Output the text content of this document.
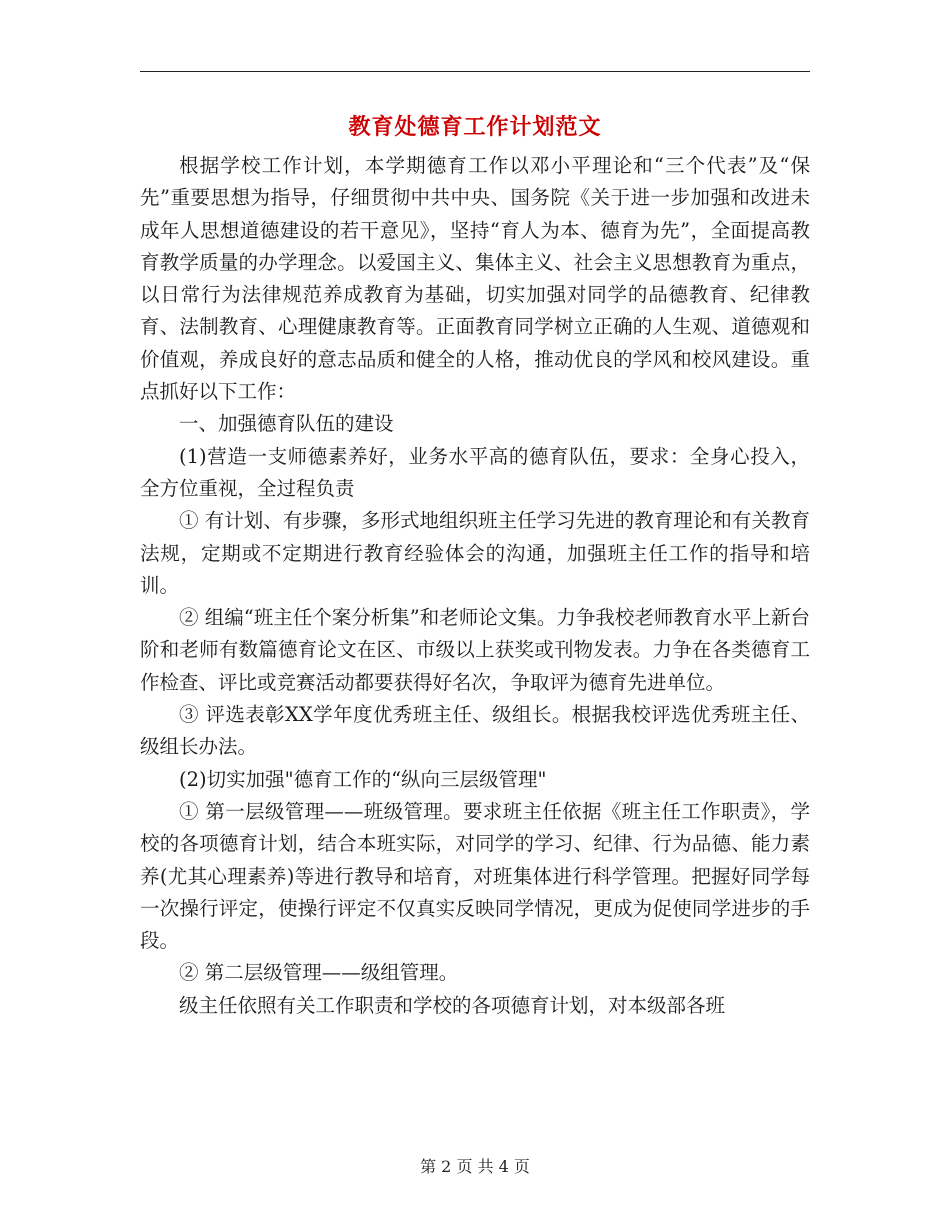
教育处德育工作计划范文

根据学校工作计划，本学期德育工作以邓小平理论和“三个代表”及“保先”重要思想为指导，仔细贯彻中共中央、国务院《关于进一步加强和改进未成年人思想道德建设的若干意见》，坚持“育人为本、德育为先”，全面提高教育教学质量的办学理念。以爱国主义、集体主义、社会主义思想教育为重点，以日常行为法律规范养成教育为基础，切实加强对同学的品德教育、纪律教育、法制教育、心理健康教育等。正面教育同学树立正确的人生观、道德观和价值观，养成良好的意志品质和健全的人格，推动优良的学风和校风建设。重点抓好以下工作：

一、加强德育队伍的建设

(1)营造一支师德素养好，业务水平高的德育队伍，要求：全身心投入，全方位重视，全过程负责

① 有计划、有步骤，多形式地组织班主任学习先进的教育理论和有关教育法规，定期或不定期进行教育经验体会的沟通，加强班主任工作的指导和培训。

② 组编“班主任个案分析集”和老师论文集。力争我校老师教育水平上新台阶和老师有数篇德育论文在区、市级以上获奖或刊物发表。力争在各类德育工作检查、评比或竞赛活动都要获得好名次，争取评为德育先进单位。

③ 评选表彰XX学年度优秀班主任、级组长。根据我校评选优秀班主任、级组长办法。

(2)切实加强"德育工作的“纵向三层级管理"

① 第一层级管理——班级管理。要求班主任依据《班主任工作职责》，学校的各项德育计划，结合本班实际，对同学的学习、纪律、行为品德、能力素养(尤其心理素养)等进行教导和培育，对班集体进行科学管理。把握好同学每一次操行评定，使操行评定不仅真实反映同学情况，更成为促使同学进步的手段。

② 第二层级管理——级组管理。

级主任依照有关工作职责和学校的各项德育计划，对本级部各班

第 2 页 共 4 页
